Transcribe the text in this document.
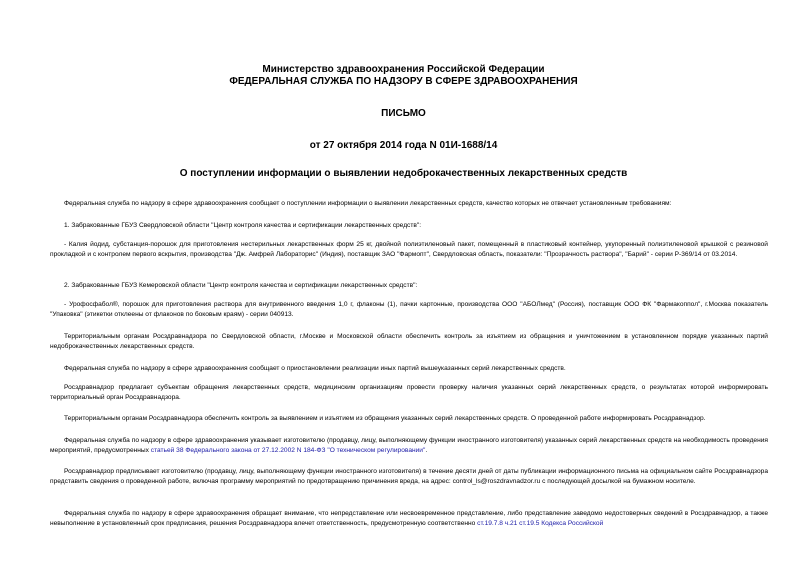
Министерство здравоохранения Российской Федерации
ФЕДЕРАЛЬНАЯ СЛУЖБА ПО НАДЗОРУ В СФЕРЕ ЗДРАВООХРАНЕНИЯ
ПИСЬМО
от 27 октября 2014 года N 01И-1688/14
О поступлении информации о выявлении недоброкачественных лекарственных средств
Федеральная служба по надзору в сфере здравоохранения сообщает о поступлении информации о выявлении лекарственных средств, качество которых не отвечает установленным требованиям:
1. Забракованные ГБУЗ Свердловской области "Центр контроля качества и сертификации лекарственных средств":
- Калия йодид, субстанция-порошок для приготовления нестерильных лекарственных форм 25 кг, двойной полиэтиленовый пакет, помещенный в пластиковый контейнер, укупоренный полиэтиленовой крышкой с резиновой прокладкой и с контролем первого вскрытия, производства "Дж. Амфрей Лабораторис" (Индия), поставщик ЗАО "Фармопт", Свердловская область, показатели: "Прозрачность раствора", "Барий" - серии P-369/14 от 03.2014.
2. Забракованные ГБУЗ Кемеровской области "Центр контроля качества и сертификации лекарственных средств":
- Урофосфабол®, порошок для приготовления раствора для внутривенного введения 1,0 г, флаконы (1), пачки картонные, производства ООО "АБОЛмед" (Россия), поставщик ООО ФК "Фармакоппол", г.Москва показатель "Упаковка" (этикетки отклеены от флаконов по боковым краям) - серии 040913.
Территориальным органам Росздравнадзора по Свердловской области, г.Москве и Московской области обеспечить контроль за изъятием из обращения и уничтожением в установленном порядке указанных партий недоброкачественных лекарственных средств.
Федеральная служба по надзору в сфере здравоохранения сообщает о приостановлении реализации иных партий вышеуказанных серий лекарственных средств.
Росздравнадзор предлагает субъектам обращения лекарственных средств, медицинским организациям провести проверку наличия указанных серий лекарственных средств, о результатах которой информировать территориальный орган Росздравнадзора.
Территориальным органам Росздравнадзора обеспечить контроль за выявлением и изъятием из обращения указанных серий лекарственных средств. О проведенной работе информировать Росздравнадзор.
Федеральная служба по надзору в сфере здравоохранения указывает изготовителю (продавцу, лицу, выполняющему функции иностранного изготовителя) указанных серий лекарственных средств на необходимость проведения мероприятий, предусмотренных статьей 38 Федерального закона от 27.12.2002 N 184-ФЗ "О техническом регулировании".
Росздравнадзор предписывает изготовителю (продавцу, лицу, выполняющему функции иностранного изготовителя) в течение десяти дней от даты публикации информационного письма на официальном сайте Росздравнадзора представить сведения о проведенной работе, включая программу мероприятий по предотвращению причинения вреда, на адрес: control_ls@roszdravnadzor.ru с последующей досылкой на бумажном носителе.
Федеральная служба по надзору в сфере здравоохранения обращает внимание, что непредставление или несвоевременное представление, либо представление заведомо недостоверных сведений в Росздравнадзор, а также невыполнение в установленный срок предписания, решения Росздравнадзора влечет ответственность, предусмотренную соответственно ст.19.7.8 ч.21 ст.19.5 Кодекса Российской
